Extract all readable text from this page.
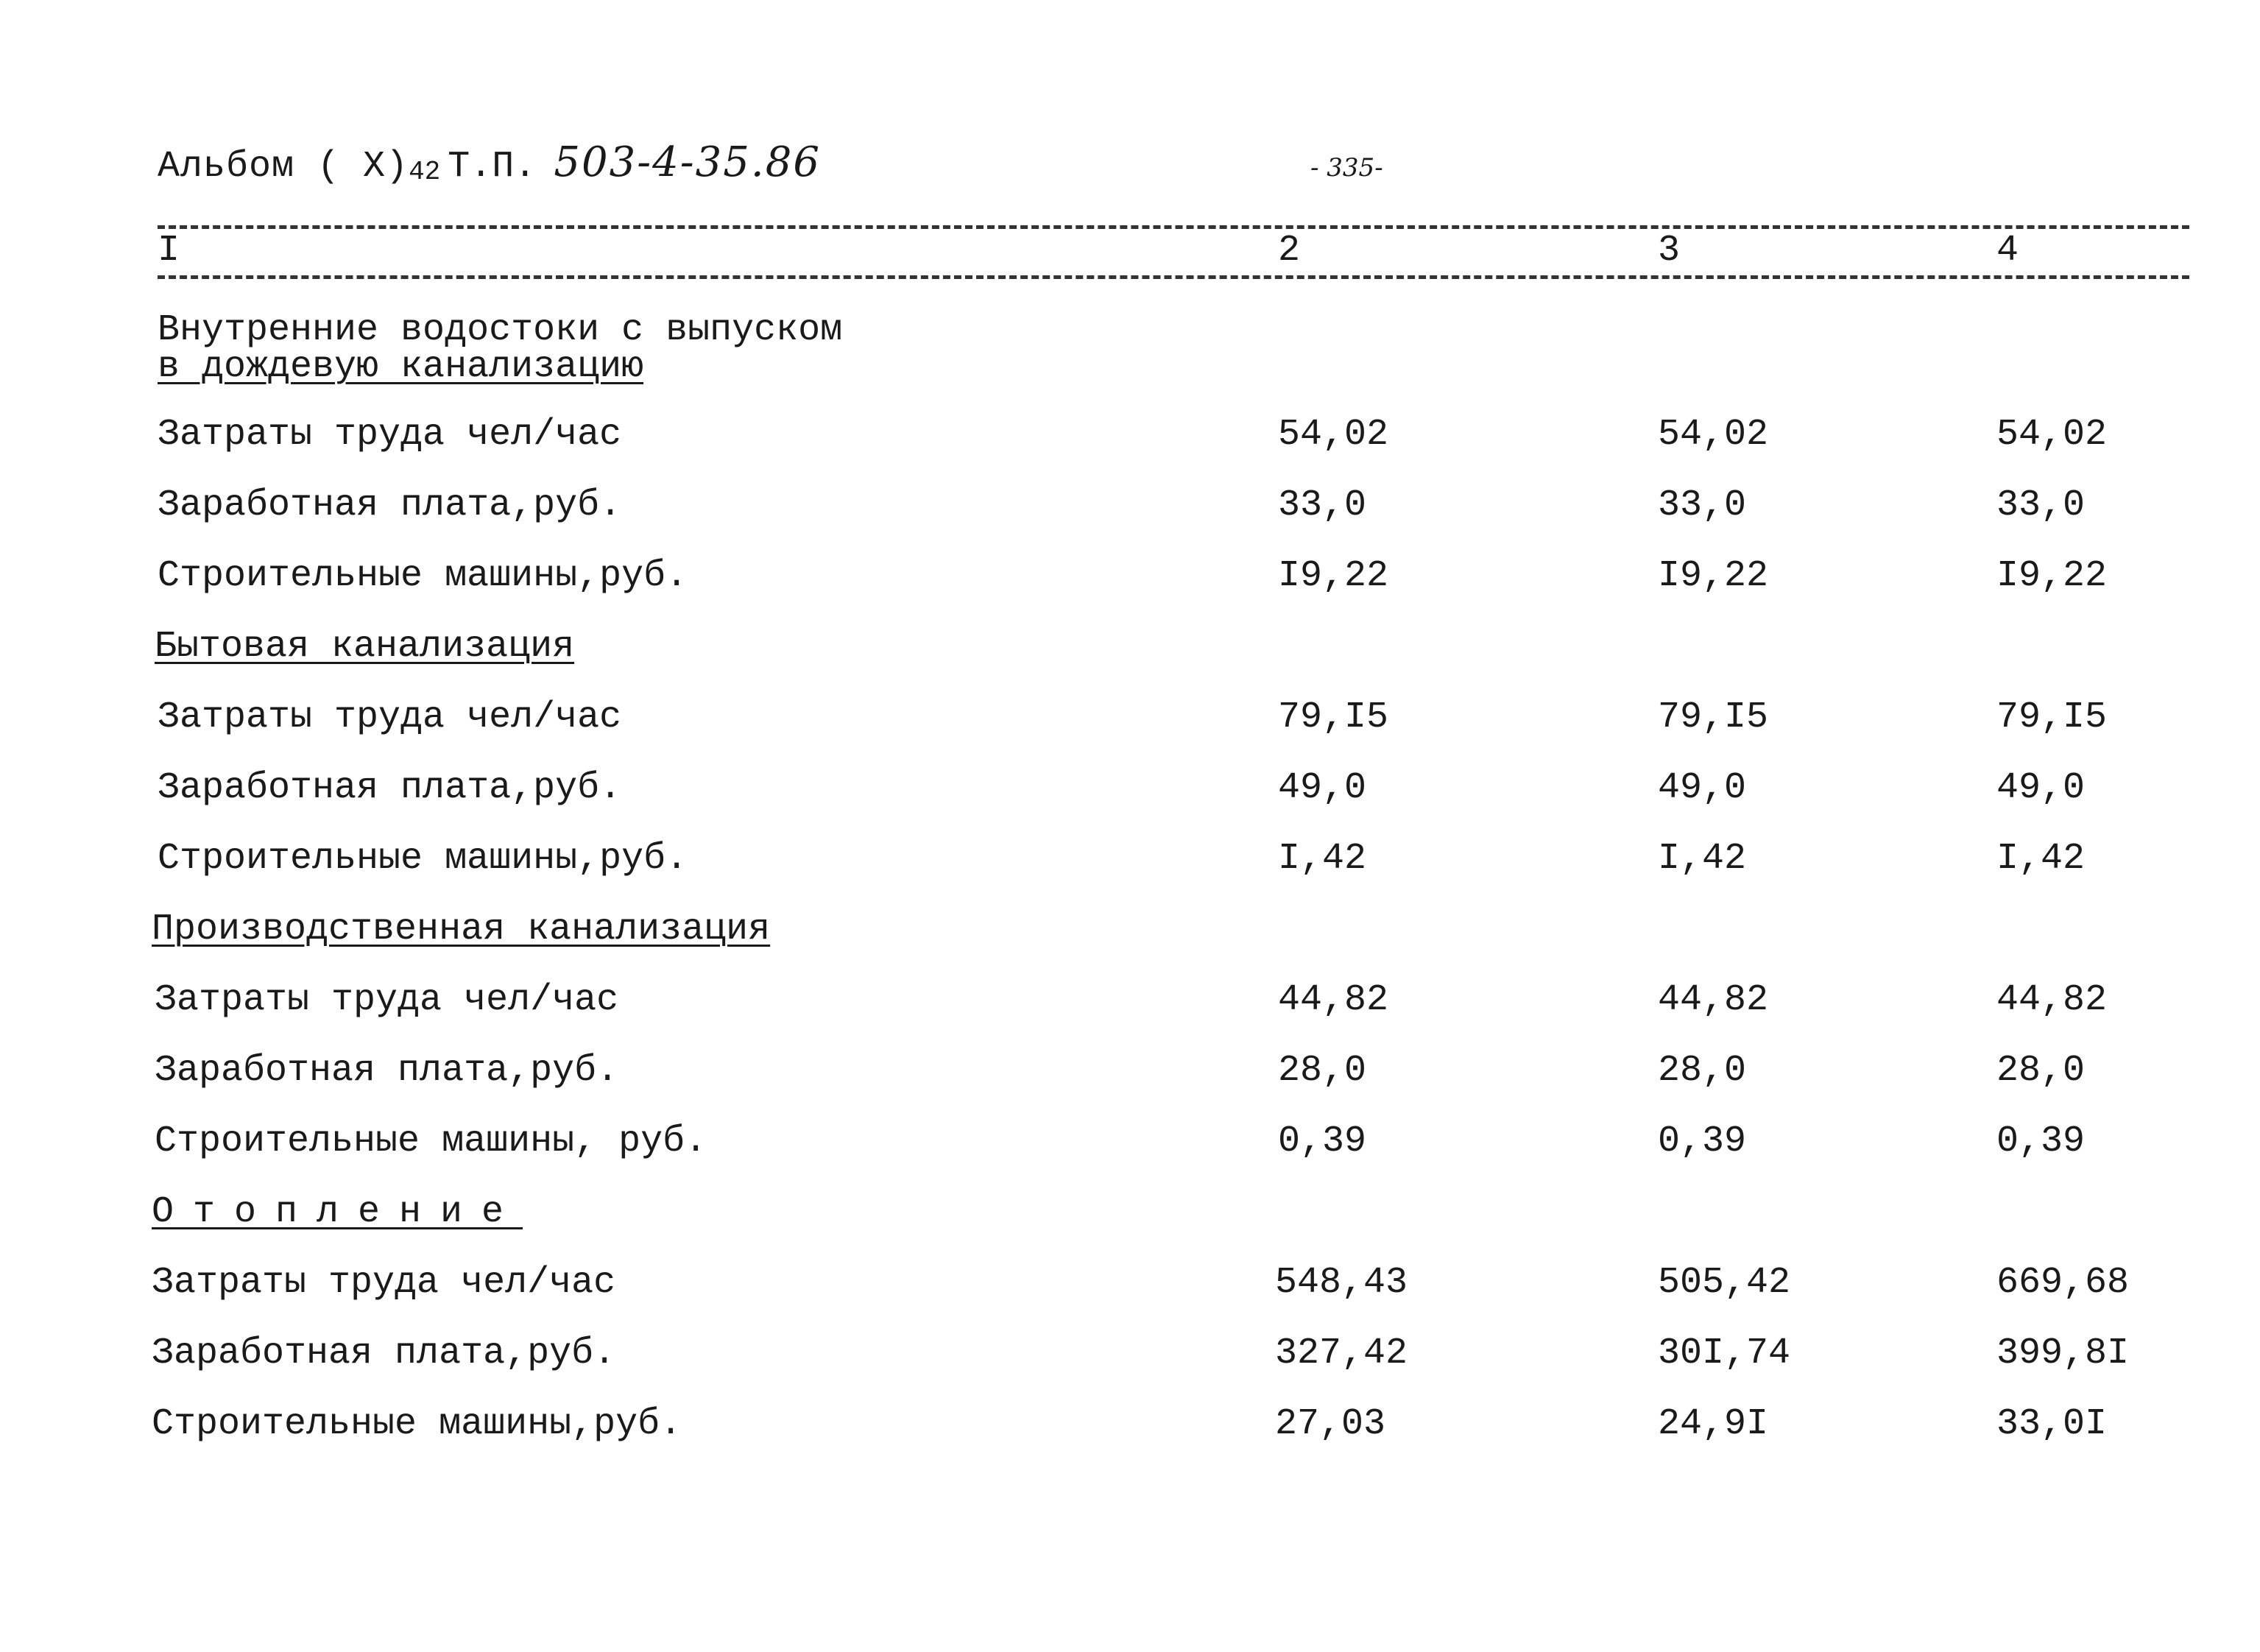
Альбом ( Х)42 Т.П. 503-4-35.86	- 335-
I	2	3	4
Внутренние водостоки с выпуском
в дождевую канализацию
Затраты труда чел/час	54,02	54,02	54,02
Заработная плата,руб.	33,0	33,0	33,0
Строительные машины,руб.	I9,22	I9,22	I9,22
Бытовая канализация
Затраты труда чел/час	79,I5	79,I5	79,I5
Заработная плата,руб.	49,0	49,0	49,0
Строительные машины,руб.	I,42	I,42	I,42
Производственная канализация
Затраты труда чел/час	44,82	44,82	44,82
Заработная плата,руб.	28,0	28,0	28,0
Строительные машины, руб.	0,39	0,39	0,39
Отопление
Затраты труда чел/час	548,43	505,42	669,68
Заработная плата,руб.	327,42	30I,74	399,8I
Строительные машины,руб.	27,03	24,9I	33,0I
